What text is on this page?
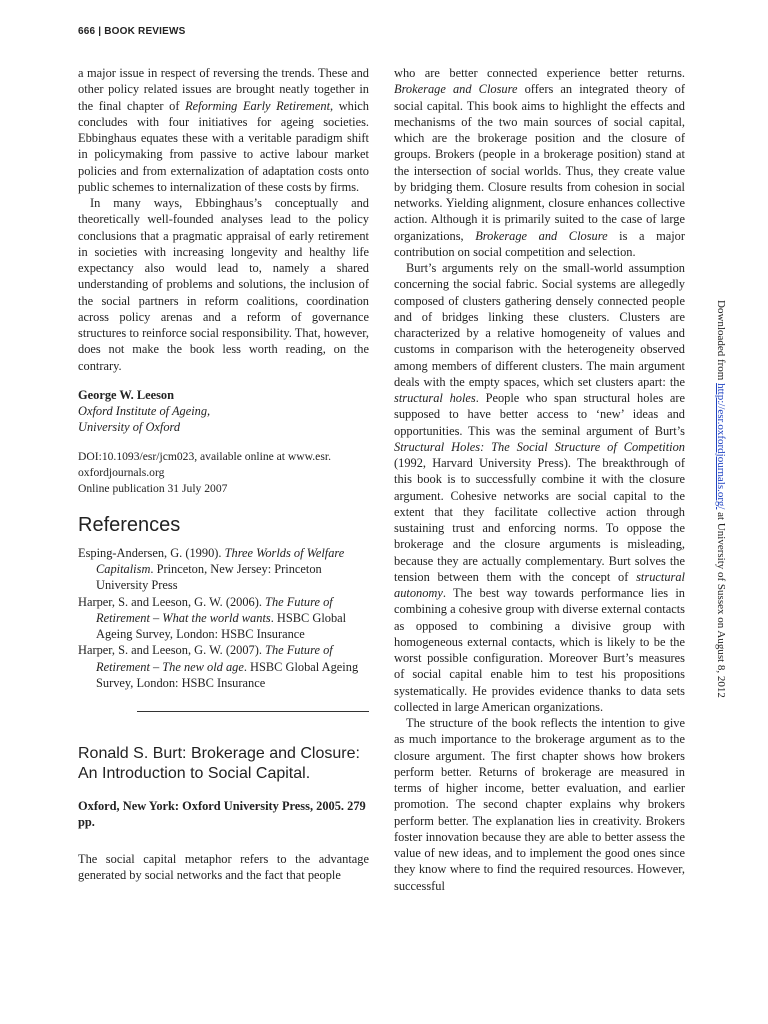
666 | BOOK REVIEWS

a major issue in respect of reversing the trends. These and other policy related issues are brought neatly together in the final chapter of Reforming Early Retirement, which concludes with four initiatives for ageing societies. Ebbinghaus equates these with a veritable paradigm shift in policymaking from passive to active labour market policies and from externalization of adaptation costs onto public schemes to internalization of these costs by firms.

In many ways, Ebbinghaus’s conceptually and theoretically well-founded analyses lead to the policy conclusions that a pragmatic appraisal of early retirement in societies with increasing longevity and healthy life expectancy also would lead to, namely a shared understanding of problems and solutions, the inclusion of the social partners in reform coalitions, coordination across policy arenas and a reform of governance structures to reinforce social responsibility. That, however, does not make the book less worth reading, on the contrary.

George W. Leeson
Oxford Institute of Ageing,
University of Oxford
DOI:10.1093/esr/jcm023, available online at www.esr.
oxfordjournals.org
Online publication 31 July 2007
References
Esping-Andersen, G. (1990). Three Worlds of Welfare Capitalism. Princeton, New Jersey: Princeton University Press
Harper, S. and Leeson, G. W. (2006). The Future of Retirement – What the world wants. HSBC Global Ageing Survey, London: HSBC Insurance
Harper, S. and Leeson, G. W. (2007). The Future of Retirement – The new old age. HSBC Global Ageing Survey, London: HSBC Insurance
Ronald S. Burt: Brokerage and Closure: An Introduction to Social Capital.
Oxford, New York: Oxford University Press, 2005. 279 pp.

The social capital metaphor refers to the advantage generated by social networks and the fact that people

who are better connected experience better returns. Brokerage and Closure offers an integrated theory of social capital. This book aims to highlight the effects and mechanisms of the two main sources of social capital, which are the brokerage position and the closure of groups. Brokers (people in a brokerage position) stand at the intersection of social worlds. Thus, they create value by bridging them. Closure results from cohesion in social networks. Yielding alignment, closure enhances collective action. Although it is primarily suited to the case of large organizations, Brokerage and Closure is a major contribution on social competition and selection.

Burt’s arguments rely on the small-world assumption concerning the social fabric. Social systems are allegedly composed of clusters gathering densely connected people and of bridges linking these clusters. Clusters are characterized by a relative homogeneity of values and customs in comparison with the heterogeneity observed among members of different clusters. The main argument deals with the empty spaces, which set clusters apart: the structural holes. People who span structural holes are supposed to have better access to ‘new’ ideas and opportunities. This was the seminal argument of Burt’s Structural Holes: The Social Structure of Competition (1992, Harvard University Press). The breakthrough of this book is to successfully combine it with the closure argument. Cohesive networks are social capital to the extent that they facilitate collective action through sustaining trust and enforcing norms. To oppose the brokerage and the closure arguments is misleading, because they are actually complementary. Burt solves the tension between them with the concept of structural autonomy. The best way towards performance lies in combining a cohesive group with diverse external contacts as opposed to combining a divisive group with homogeneous external contacts, which is likely to be the worst possible configuration. Moreover Burt’s measures of social capital enable him to test his propositions systematically. He provides evidence thanks to data sets collected in large American organizations.

The structure of the book reflects the intention to give as much importance to the brokerage argument as to the closure argument. The first chapter shows how brokers perform better. Returns of brokerage are measured in terms of higher income, better evaluation, and earlier promotion. The second chapter explains why brokers perform better. The explanation lies in creativity. Brokers foster innovation because they are able to better assess the value of new ideas, and to implement the good ones since they know where to find the required resources. However, successful

Downloaded from http://esr.oxfordjournals.org/ at University of Sussex on August 8, 2012
